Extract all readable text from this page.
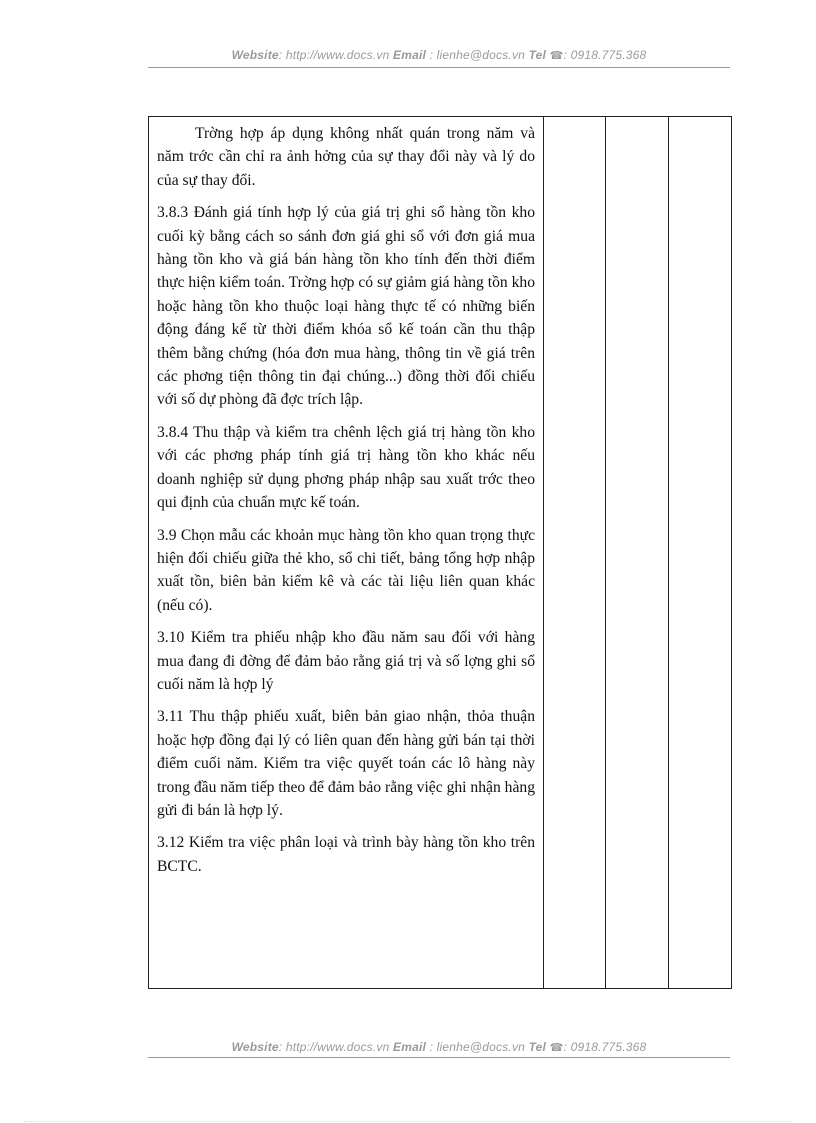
Website: http://www.docs.vn Email : lienhe@docs.vn Tel ☎: 0918.775.368

Trờng hợp áp dụng không nhất quán trong năm và năm trớc cần chỉ ra ảnh hởng của sự thay đổi này và lý do của sự thay đổi.

3.8.3 Đánh giá tính hợp lý của giá trị ghi sổ hàng tồn kho cuối kỳ bằng cách so sánh đơn giá ghi sổ với đơn giá mua hàng tồn kho và giá bán hàng tồn kho tính đến thời điểm thực hiện kiểm toán. Trờng hợp có sự giảm giá hàng tồn kho hoặc hàng tồn kho thuộc loại hàng thực tế có những biến động đáng kể từ thời điểm khóa sổ kế toán cần thu thập thêm bằng chứng (hóa đơn mua hàng, thông tin về giá trên các phơng tiện thông tin đại chúng...) đồng thời đối chiếu với số dự phòng đã đợc trích lập.

3.8.4 Thu thập và kiểm tra chênh lệch giá trị hàng tồn kho với các phơng pháp tính giá trị hàng tồn kho khác nếu doanh nghiệp sử dụng phơng pháp nhập sau xuất trớc theo qui định của chuẩn mực kế toán.

3.9 Chọn mẫu các khoản mục hàng tồn kho quan trọng thực hiện đối chiếu giữa thẻ kho, sổ chi tiết, bảng tổng hợp nhập xuất tồn, biên bản kiểm kê và các tài liệu liên quan khác (nếu có).

3.10 Kiểm tra phiếu nhập kho đầu năm sau đối với hàng mua đang đi đờng để đảm bảo rằng giá trị và số lợng ghi sổ cuối năm là hợp lý

3.11 Thu thập phiếu xuất, biên bản giao nhận, thỏa thuận hoặc hợp đồng đại lý có liên quan đến hàng gửi bán tại thời điểm cuối năm. Kiểm tra việc quyết toán các lô hàng này trong đầu năm tiếp theo để đảm bảo rằng việc ghi nhận hàng gửi đi bán là hợp lý.

3.12 Kiểm tra việc phân loại và trình bày hàng tồn kho trên BCTC.

Website: http://www.docs.vn Email : lienhe@docs.vn Tel ☎: 0918.775.368
